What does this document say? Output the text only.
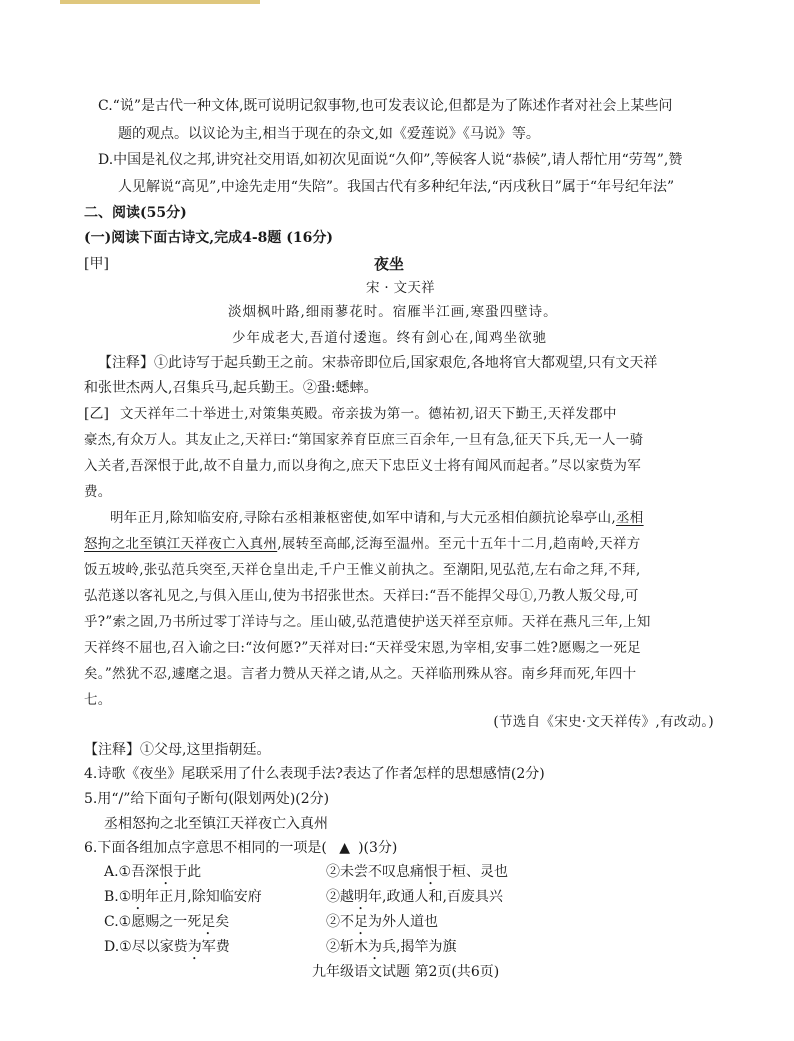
C.“说”是古代一种文体,既可说明记叙事物,也可发表议论,但都是为了陈述作者对社会上某些问
题的观点。以议论为主,相当于现在的杂文,如《爱莲说》《马说》等。
D.中国是礼仪之邦,讲究社交用语,如初次见面说“久仰”,等候客人说“恭候”,请人帮忙用“劳驾”,赞
人见解说“高见”,中途先走用“失陪”。我国古代有多种纪年法,“丙戌秋日”属于“年号纪年法”
二、阅读(55分)
(一)阅读下面古诗文,完成4-8题 (16分)
[甲]	夜坐
宋 · 文天祥
淡烟枫叶路,细雨蓼花时。宿雁半江画,寒蛩四壁诗。
少年成老大,吾道付逶迤。终有剑心在,闻鸡坐欲驰
【注释】①此诗写于起兵勤王之前。宋恭帝即位后,国家艰危,各地将官大都观望,只有文天祥
和张世杰两人,召集兵马,起兵勤王。②蛩:蟋蟀。
[乙] 文天祥年二十举进士,对策集英殿。帝亲拔为第一。德祐初,诏天下勤王,天祥发郡中
豪杰,有众万人。其友止之,天祥曰:“第国家养育臣庶三百余年,一旦有急,征天下兵,无一人一骑
入关者,吾深恨于此,故不自量力,而以身徇之,庶天下忠臣义士将有闻风而起者。”尽以家赀为军
费。
明年正月,除知临安府,寻除右丞相兼枢密使,如军中请和,与大元丞相伯颜抗论皋亭山,丞相
怒拘之北至镇江天祥夜亡入真州,展转至高邮,泛海至温州。至元十五年十二月,趋南岭,天祥方
饭五坡岭,张弘范兵突至,天祥仓皇出走,千户王惟义前执之。至潮阳,见弘范,左右命之拜,不拜,
弘范遂以客礼见之,与俱入厓山,使为书招张世杰。天祥曰:“吾不能捍父母①,乃教人叛父母,可
乎?”索之固,乃书所过零丁洋诗与之。厓山破,弘范遣使护送天祥至京师。天祥在燕凡三年,上知
天祥终不屈也,召入谕之曰:“汝何愿?”天祥对曰:“天祥受宋恩,为宰相,安事二姓?愿赐之一死足
矣。”然犹不忍,遽麾之退。言者力赞从天祥之请,从之。天祥临刑殊从容。南乡拜而死,年四十
七。
(节选自《宋史·文天祥传》,有改动。)
【注释】①父母,这里指朝廷。
4.诗歌《夜坐》尾联采用了什么表现手法?表达了作者怎样的思想感情(2分)
5.用“/”给下面句子断句(限划两处)(2分)
丞相怒拘之北至镇江天祥夜亡入真州
6.下面各组加点字意思不相同的一项是( ▲ )(3分)
A.①吾深恨于此	②未尝不叹息痛恨于桓、灵也
B.①明年正月,除知临安府	②越明年,政通人和,百废具兴
C.①愿赐之一死足矣	②不足为外人道也
D.①尽以家赀为军费	②斩木为兵,揭竿为旗
九年级语文试题 第2页(共6页)
